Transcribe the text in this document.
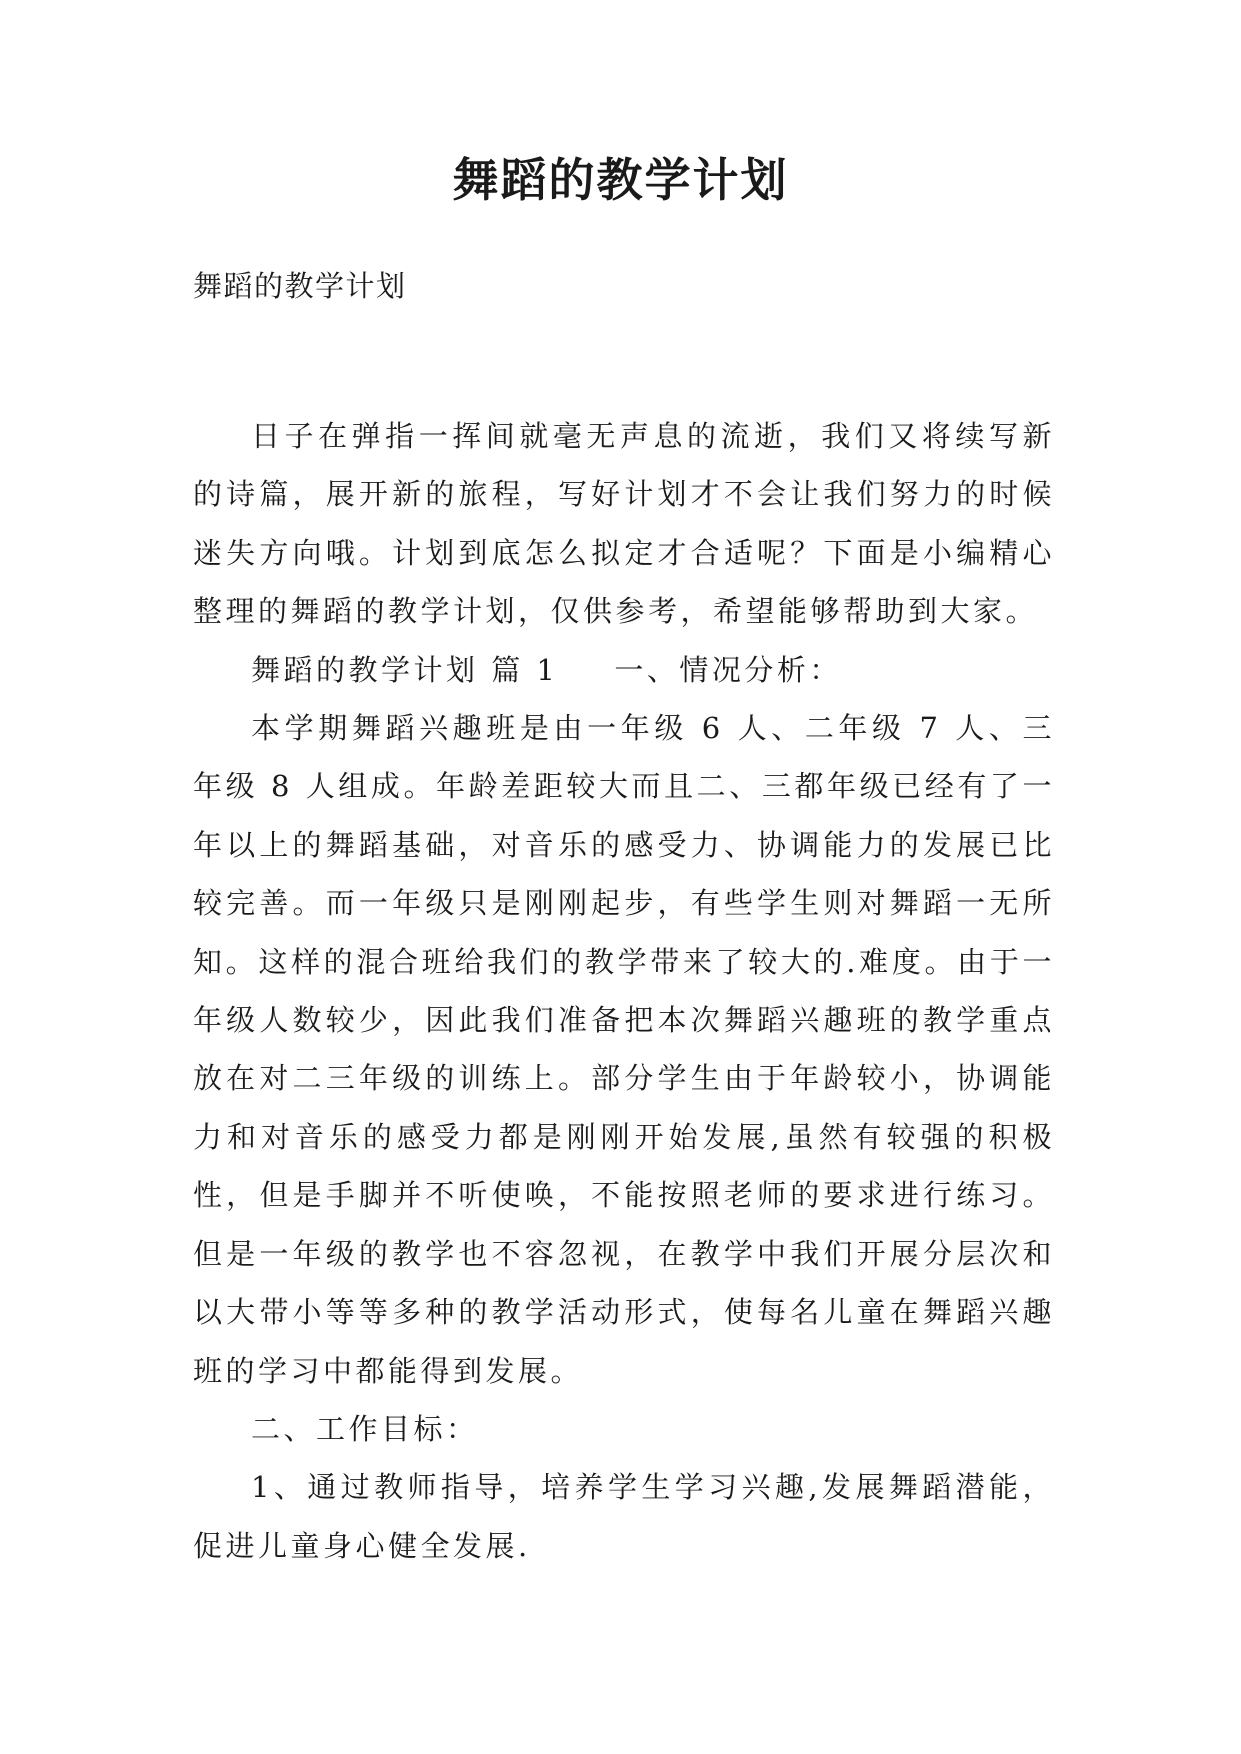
舞蹈的教学计划

舞蹈的教学计划

日子在弹指一挥间就毫无声息的流逝，我们又将续写新的诗篇，展开新的旅程，写好计划才不会让我们努力的时候迷失方向哦。计划到底怎么拟定才合适呢？下面是小编精心整理的舞蹈的教学计划，仅供参考，希望能够帮助到大家。

舞蹈的教学计划 篇 1 一、情况分析：

本学期舞蹈兴趣班是由一年级 6 人、二年级 7 人、三年级 8 人组成。年龄差距较大而且二、三都年级已经有了一年以上的舞蹈基础，对音乐的感受力、协调能力的发展已比较完善。而一年级只是刚刚起步，有些学生则对舞蹈一无所知。这样的混合班给我们的教学带来了较大的.难度。由于一年级人数较少，因此我们准备把本次舞蹈兴趣班的教学重点放在对二三年级的训练上。部分学生由于年龄较小，协调能力和对音乐的感受力都是刚刚开始发展,虽然有较强的积极性，但是手脚并不听使唤，不能按照老师的要求进行练习。但是一年级的教学也不容忽视，在教学中我们开展分层次和以大带小等等多种的教学活动形式，使每名儿童在舞蹈兴趣班的学习中都能得到发展。

二、工作目标：

1、通过教师指导，培养学生学习兴趣,发展舞蹈潜能，促进儿童身心健全发展.
